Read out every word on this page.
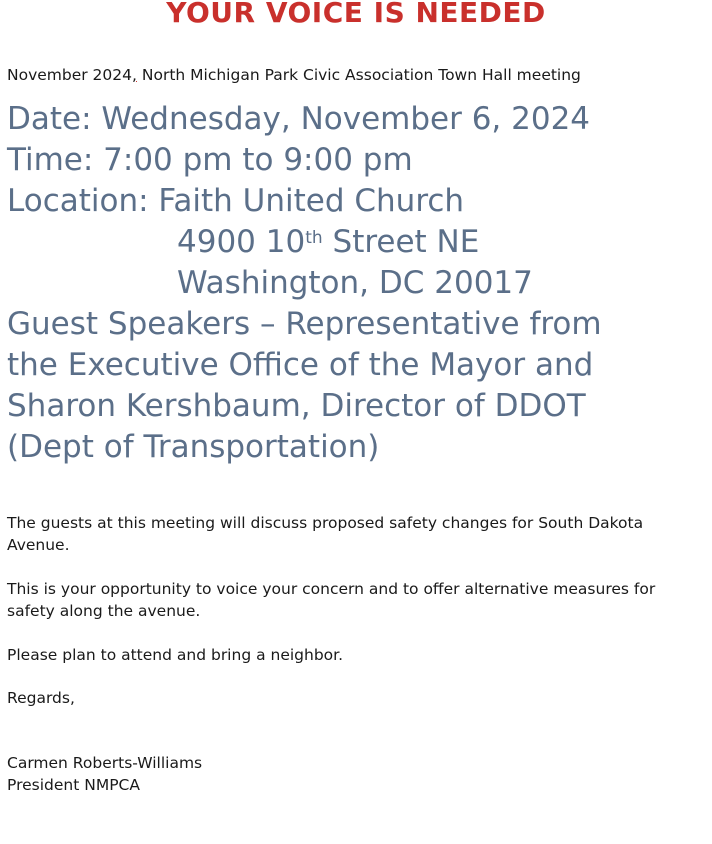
YOUR VOICE IS NEEDED
November 2024, North Michigan Park Civic Association Town Hall meeting
Date: Wednesday, November 6, 2024
Time: 7:00 pm to 9:00 pm
Location: Faith United Church
4900 10th Street NE
Washington, DC 20017
Guest Speakers – Representative from
the Executive Office of the Mayor and
Sharon Kershbaum, Director of DDOT
(Dept of Transportation)
The guests at this meeting will discuss proposed safety changes for South Dakota Avenue.
This is your opportunity to voice your concern and to offer alternative measures for safety along the avenue.
Please plan to attend and bring a neighbor.
Regards,
Carmen Roberts-Williams
President NMPCA
